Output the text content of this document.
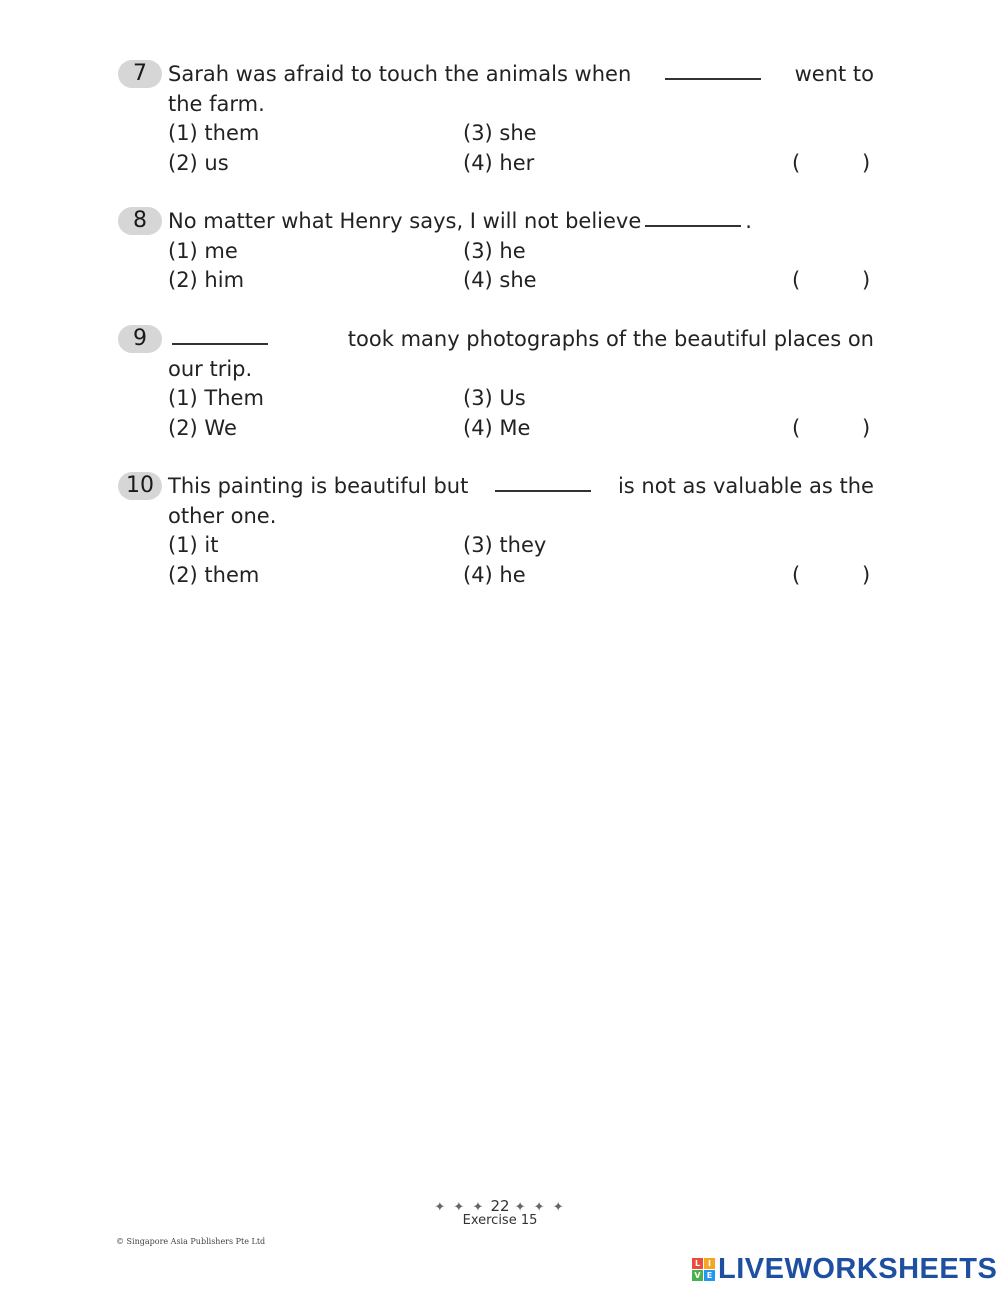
7	Sarah was afraid to touch the animals when	went to
the farm.
(1) them
(2) us
(3) she
(4) her	(	)
8	No matter what Henry says, I will not believe	.
(1) me
(2) him
(3) he
(4) she	(	)
9	took many photographs of the beautiful places on
our trip.
(1) Them
(2) We
(3) Us
(4) Me	(	)
10 This painting is beautiful but	is not as valuable as the
other one.
(1) it
(2) them
(3) they
(4) he	(	)
✦ ✦ ✦ 22 ✦ ✦ ✦
Exercise 15
© Singapore Asia Publishers Pte Ltd
L I
V E LIVEWORKSHEETS
